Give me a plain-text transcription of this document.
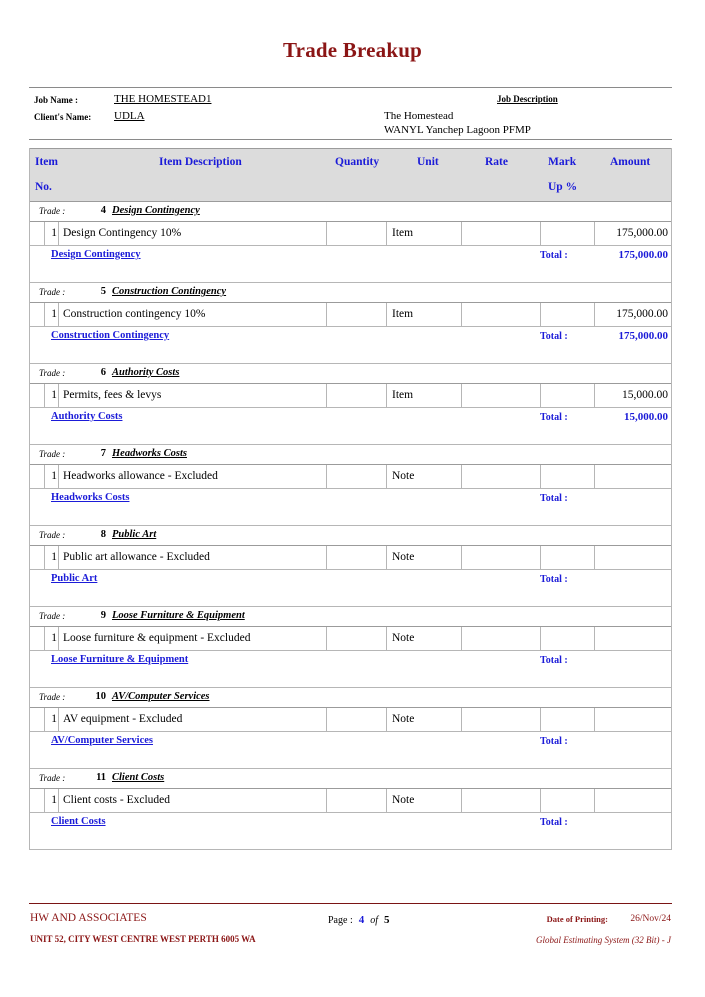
Trade Breakup
Job Name :	THE HOMESTEAD1
Client's Name: UDLA
Job Description
The Homestead
WANYL Yanchep Lagoon PFMP
Item
No.
Item Description	Quantity	Unit	Rate	Mark
Up %
Amount
Trade :	4 Design Contingency
1 Design Contingency 10%	Item	175,000.00
Design Contingency	Total :	175,000.00
Trade :	5 Construction Contingency
1 Construction contingency 10%	Item	175,000.00
Construction Contingency	Total :	175,000.00
Trade :	6 Authority Costs
1 Permits, fees & levys	Item	15,000.00
Authority Costs	Total :	15,000.00
Trade :	7 Headworks Costs
1 Headworks allowance - Excluded	Note
Headworks Costs	Total :
Trade :	8 Public Art
1 Public art allowance - Excluded	Note
Public Art	Total :
Trade :	9 Loose Furniture & Equipment
1 Loose furniture & equipment - Excluded	Note
Loose Furniture & Equipment	Total :
Trade :	10 AV/Computer Services
1 AV equipment - Excluded	Note
AV/Computer Services	Total :
Trade :	11 Client Costs
1 Client costs - Excluded	Note
Client Costs	Total :
HW AND ASSOCIATES
UNIT 52, CITY WEST CENTRE WEST PERTH 6005 WA
Page : 4 of 5	Date of Printing: 26/Nov/24
Global Estimating System (32 Bit) - J
